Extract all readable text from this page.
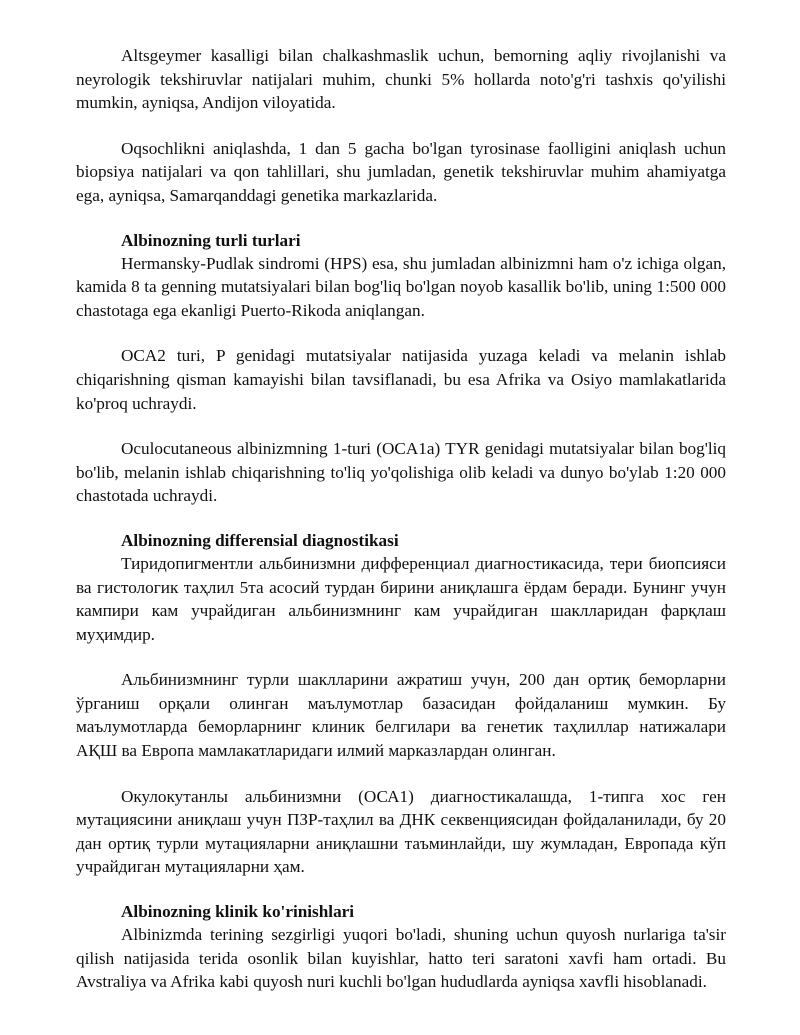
Altsgeymer kasalligi bilan chalkashmaslik uchun, bemorning aqliy rivojlanishi va neyrologik tekshiruvlar natijalari muhim, chunki 5% hollarda noto'g'ri tashxis qo'yilishi mumkin, ayniqsa, Andijon viloyatida.

Oqsochlikni aniqlashda, 1 dan 5 gacha bo'lgan tyrosinase faolligini aniqlash uchun biopsiya natijalari va qon tahlillari, shu jumladan, genetik tekshiruvlar muhim ahamiyatga ega, ayniqsa, Samarqanddagi genetika markazlarida.

Albinozning turli turlari

Hermansky-Pudlak sindromi (HPS) esa, shu jumladan albinizmni ham o'z ichiga olgan, kamida 8 ta genning mutatsiyalari bilan bog'liq bo'lgan noyob kasallik bo'lib, uning 1:500 000 chastotaga ega ekanligi Puerto-Rikoda aniqlangan.

OCA2 turi, P genidagi mutatsiyalar natijasida yuzaga keladi va melanin ishlab chiqarishning qisman kamayishi bilan tavsiflanadi, bu esa Afrika va Osiyo mamlakatlarida ko'proq uchraydi.

Oculocutaneous albinizmning 1-turi (OCA1a) TYR genidagi mutatsiyalar bilan bog'liq bo'lib, melanin ishlab chiqarishning to'liq yo'qolishiga olib keladi va dunyo bo'ylab 1:20 000 chastotada uchraydi.

Albinozning differensial diagnostikasi

Тиридопигментли альбинизмни дифференциал диагностикасида, тери биопсияси ва гистологик таҳлил 5та асосий турдан бирини аниқлашга ёрдам беради. Бунинг учун кампири кам учрайдиган альбинизмнинг кам учрайдиган шаклларидан фарқлаш муҳимдир.

Альбинизмнинг турли шаклларини ажратиш учун, 200 дан ортиқ беморларни ўрганиш орқали олинган маълумотлар базасидан фойдаланиш мумкин. Бу маълумотларда беморларнинг клиник белгилари ва генетик таҳлиллар натижалари АҚШ ва Европа мамлакатларидаги илмий марказлардан олинган.

Окулокутанлы альбинизмни (ОСА1) диагностикалашда, 1-типга хос ген мутациясини аниқлаш учун ПЗР-таҳлил ва ДНК секвенциясидан фойдаланилади, бу 20 дан ортиқ турли мутацияларни аниқлашни таъминлайди, шу жумладан, Европада кўп учрайдиган мутацияларни ҳам.

Albinozning klinik ko'rinishlari

Albinizmda terining sezgirligi yuqori bo'ladi, shuning uchun quyosh nurlariga ta'sir qilish natijasida terida osonlik bilan kuyishlar, hatto teri saratoni xavfi ham ortadi. Bu Avstraliya va Afrika kabi quyosh nuri kuchli bo'lgan hududlarda ayniqsa xavfli hisoblanadi.
